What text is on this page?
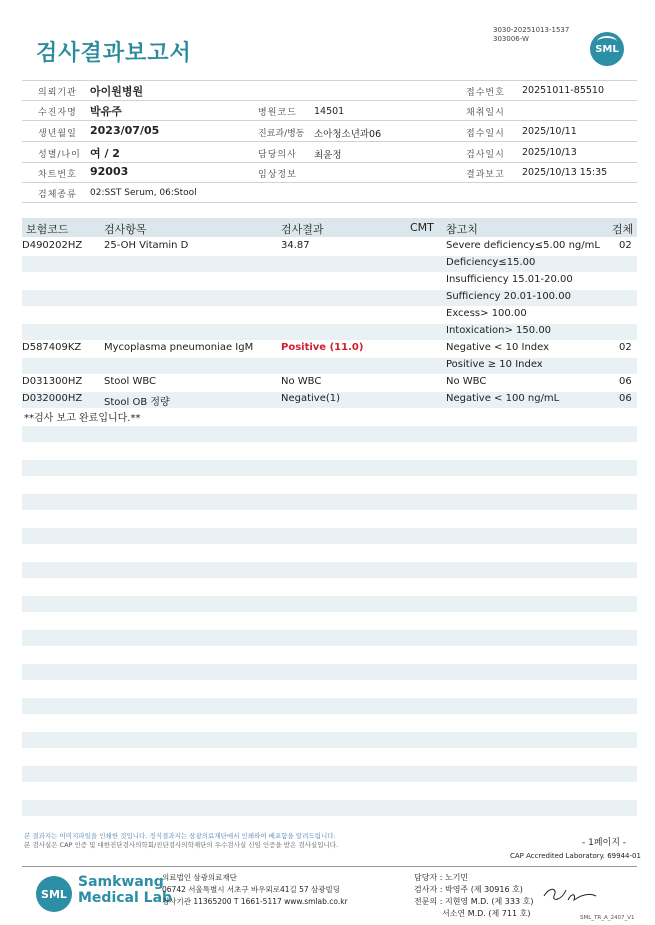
검사결과보고서
3030-20251013-1537
303006-W
SML
의뢰기관 아이원병원	접수번호 20251011-85510
수진자명 박유주	병원코드 14501	채취일시
생년월일 2023/07/05	진료과/병동 소아청소년과06	접수일시 2025/10/11
성별/나이 여 / 2	담당의사 최윤정	검사일시 2025/10/13
차트번호 92003	임상정보	결과보고 2025/10/13 15:35
검체종류 02:SST Serum, 06:Stool
보험코드	검사항목	검사결과	CMT 참고치	검체
D490202HZ 25-OH Vitamin D	34.87	Severe deficiency≤5.00 ng/mL 02
Deficiency≤15.00
Insufficiency 15.01-20.00
Sufficiency 20.01-100.00
Excess> 100.00
Intoxication> 150.00
D587409KZ Mycoplasma pneumoniae IgM	Positive (11.0)	Negative < 10 Index	02
Positive ≥ 10 Index
D031300HZ Stool WBC	No WBC	No WBC	06
D032000HZ Stool OB 정량	Negative(1)	Negative < 100 ng/mL	06
**검사 보고 완료입니다.**
본 결과지는 이미지파일을 인쇄한 것입니다. 정식결과지는 삼광의료재단에서 인쇄하여 배포함을 알려드립니다.
본 검사실은 CAP 인증 및 대한진단검사의학회/진단검사의학재단의 우수검사실 신임 인증을 받은 검사실입니다.	- 1페이지 -
CAP Accredited Laboratory. 69944-01
SML
Samkwang
Medical Lab
의료법인 삼광의료재단
06742 서울특별시 서초구 바우뫼로41길 57 삼광빌딩
검사기관 11365200 T 1661-5117 www.smlab.co.kr
담당자 : 노기민
검사자 : 박영주 (제 30916 호)
전문의 : 지현영 M.D. (제 333 호)
서소연 M.D. (제 711 호)	SML_TR_A_2407_V1
